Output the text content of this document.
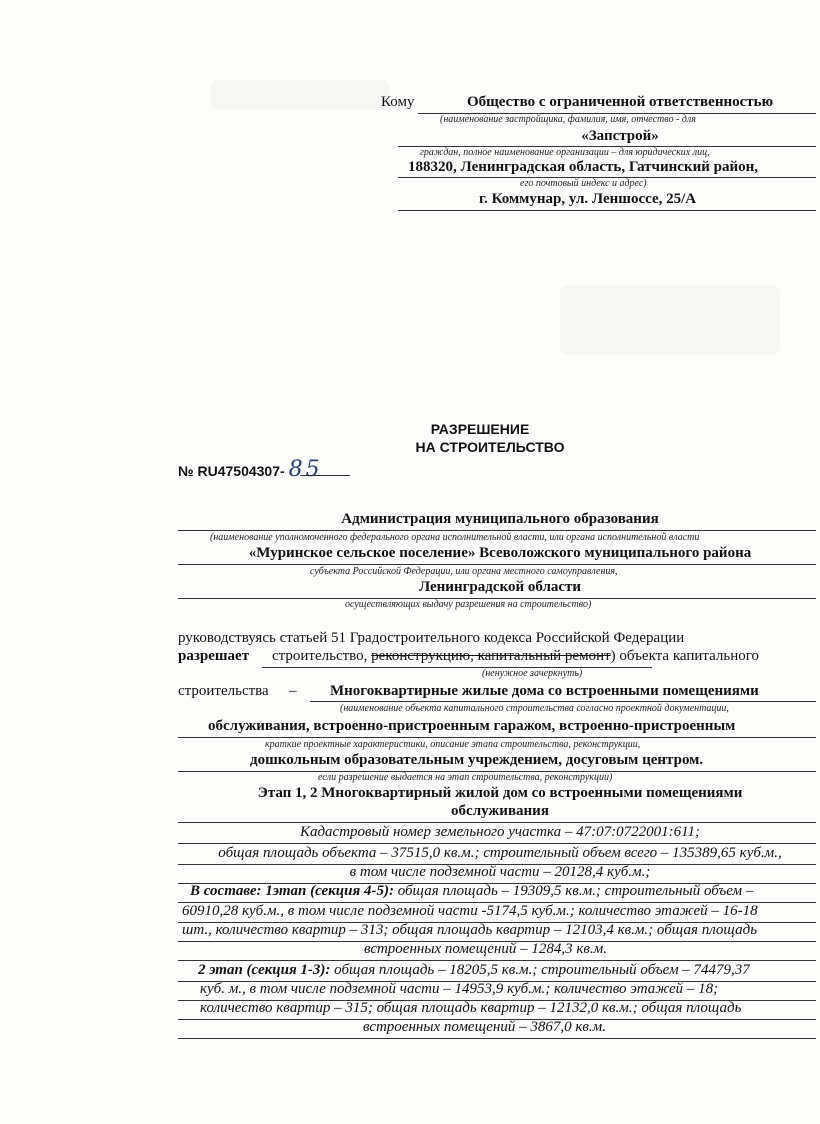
Кому	Общество с ограниченной ответственностью
(наименование застройщика, фамилия, имя, отчество - для
«Запстрой»
граждан, полное наименование организации – для юридических лиц,
188320, Ленинградская область, Гатчинский район,
его почтовый индекс и адрес)
г. Коммунар, ул. Леншоссе, 25/А
РАЗРЕШЕНИЕ
НА СТРОИТЕЛЬСТВО
№ RU47504307- 85
Администрация муниципального образования
(наименование уполномоченного федерального органа исполнительной власти, или органа исполнительной власти
«Муринское сельское поселение» Всеволожского муниципального района
субъекта Российской Федерации, или органа местного самоуправления,
Ленинградской области
осуществляющих выдачу разрешения на строительство)
руководствуясь статьей 51 Градостроительного кодекса Российской Федерации
разрешает строительство, реконструкцию, капитальный ремонт) объекта капитального
(ненужное зачеркнуть)
строительства – Многоквартирные жилые дома со встроенными помещениями
(наименование объекта капитального строительства согласно проектной документации,
обслуживания, встроенно-пристроенным гаражом, встроенно-пристроенным
краткие проектные характеристики, описание этапа строительства, реконструкции,
дошкольным образовательным учреждением, досуговым центром.
если разрешение выдается на этап строительства, реконструкции)
Этап 1, 2 Многоквартирный жилой дом со встроенными помещениями
обслуживания
Кадастровый номер земельного участка – 47:07:0722001:611;
общая площадь объекта – 37515,0 кв.м.; строительный объем всего – 135389,65 куб.м.,
в том числе подземной части – 20128,4 куб.м.;
В составе: 1этап (секция 4-5): общая площадь – 19309,5 кв.м.; строительный объем –
60910,28 куб.м., в том числе подземной части -5174,5 куб.м.; количество этажей – 16-18
шт., количество квартир – 313; общая площадь квартир – 12103,4 кв.м.; общая площадь
встроенных помещений – 1284,3 кв.м.
2 этап (секция 1-3): общая площадь – 18205,5 кв.м.; строительный объем – 74479,37
куб. м., в том числе подземной части – 14953,9 куб.м.; количество этажей – 18;
количество квартир – 315; общая площадь квартир – 12132,0 кв.м.; общая площадь
встроенных помещений – 3867,0 кв.м.
